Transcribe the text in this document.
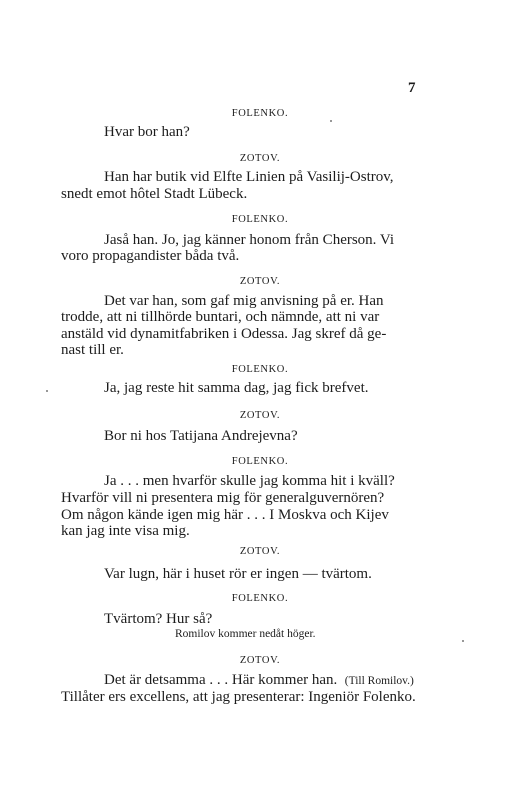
7
FOLENKO.
Hvar bor han?
ZOTOV.
Han har butik vid Elfte Linien på Vasilij-Ostrov,
snedt emot hôtel Stadt Lübeck.
FOLENKO.
Jaså han. Jo, jag känner honom från Cherson. Vi
voro propagandister båda två.
ZOTOV.
Det var han, som gaf mig anvisning på er. Han
trodde, att ni tillhörde buntari, och nämnde, att ni var
anstäld vid dynamitfabriken i Odessa. Jag skref då ge-
nast till er.
FOLENKO.
Ja, jag reste hit samma dag, jag fick brefvet.
ZOTOV.
Bor ni hos Tatijana Andrejevna?
FOLENKO.
Ja . . . men hvarför skulle jag komma hit i kväll?
Hvarför vill ni presentera mig för generalguvernören?
Om någon kände igen mig här . . . I Moskva och Kijev
kan jag inte visa mig.
ZOTOV.
Var lugn, här i huset rör er ingen — tvärtom.
FOLENKO.
Tvärtom? Hur så?
Romilov kommer nedåt höger.
ZOTOV.
Det är detsamma . . . Här kommer han. (Till Romilov.)
Tillåter ers excellens, att jag presenterar: Ingeniör Folenko.
